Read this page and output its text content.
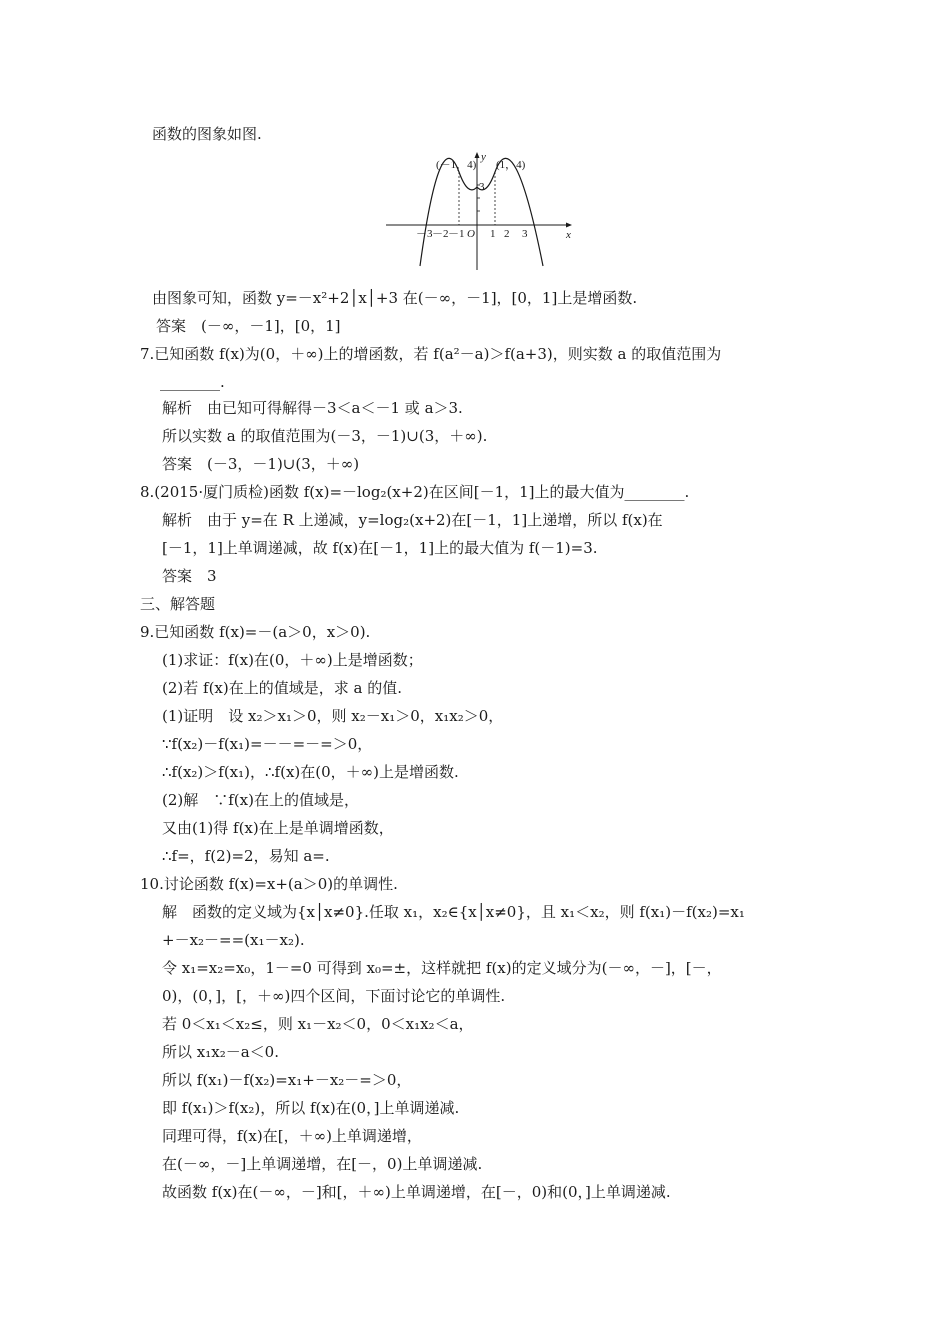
函数的图象如图.
(－1，4) (1，4)
y
x
3
O
－3 －2 －1 1 2 3
由图象可知，函数 y=－x²+2│x│+3 在(－∞，－1]，[0，1]上是增函数.
答案　(－∞，－1]，[0，1]
7.已知函数 f(x)为(0，＋∞)上的增函数，若 f(a²－a)＞f(a+3)，则实数 a 的取值范围为
________.
解析　由已知可得解得－3＜a＜－1 或 a＞3.
所以实数 a 的取值范围为(－3，－1)∪(3，＋∞).
答案　(－3，－1)∪(3，＋∞)
8.(2015·厦门质检)函数 f(x)=－log₂(x+2)在区间[－1，1]上的最大值为________.
解析　由于 y=在 R 上递减，y=log₂(x+2)在[－1，1]上递增，所以 f(x)在
[－1，1]上单调递减，故 f(x)在[－1，1]上的最大值为 f(－1)=3.
答案　3
三、解答题
9.已知函数 f(x)=－(a＞0，x＞0).
(1)求证：f(x)在(0，＋∞)上是增函数；
(2)若 f(x)在上的值域是，求 a 的值.
(1)证明　设 x₂＞x₁＞0，则 x₂－x₁＞0，x₁x₂＞0，
∵f(x₂)－f(x₁)=－－=－=＞0，
∴f(x₂)＞f(x₁)，∴f(x)在(0，＋∞)上是增函数.
(2)解　∵f(x)在上的值域是，
又由(1)得 f(x)在上是单调增函数，
∴f=，f(2)=2，易知 a=.
10.讨论函数 f(x)=x+(a＞0)的单调性.
解　函数的定义域为{x│x≠0}.任取 x₁，x₂∈{x│x≠0}，且 x₁＜x₂，则 f(x₁)－f(x₂)=x₁
+－x₂－==(x₁－x₂).
令 x₁=x₂=x₀，1－=0 可得到 x₀=±，这样就把 f(x)的定义域分为(－∞，－]，[－，
0)，(0，]，[，＋∞)四个区间，下面讨论它的单调性.
若 0＜x₁＜x₂≤，则 x₁－x₂＜0，0＜x₁x₂＜a，
所以 x₁x₂－a＜0.
所以 f(x₁)－f(x₂)=x₁+－x₂－=＞0，
即 f(x₁)＞f(x₂)，所以 f(x)在(0，]上单调递减.
同理可得，f(x)在[，＋∞)上单调递增，
在(－∞，－]上单调递增，在[－，0)上单调递减.
故函数 f(x)在(－∞，－]和[，＋∞)上单调递增，在[－，0)和(0，]上单调递减.
